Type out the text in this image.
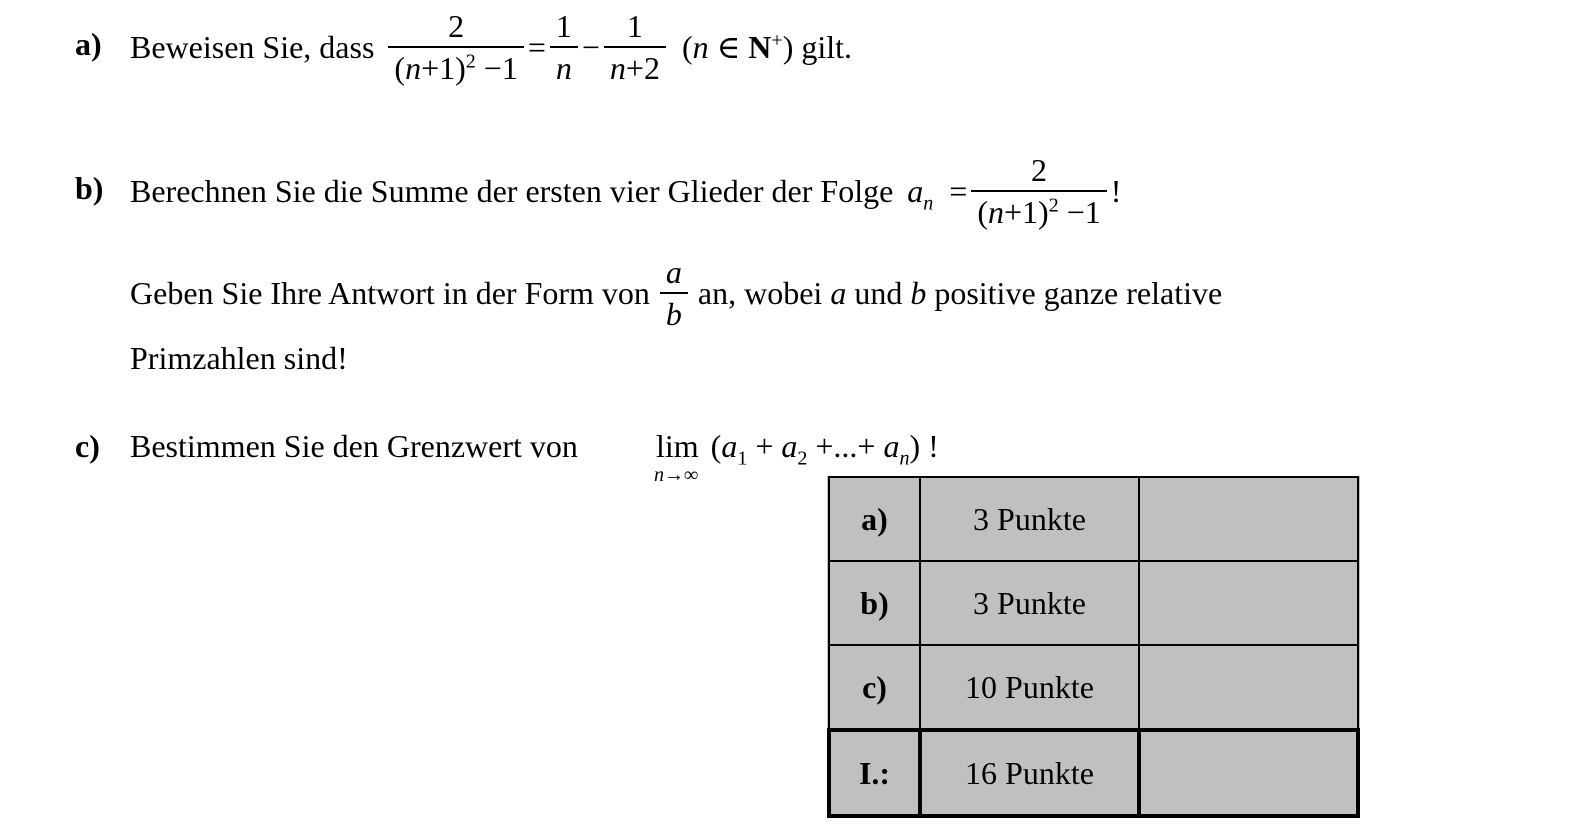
a) Beweisen Sie, dass $\frac{2}{(n+1)^2 -1} = \frac{1}{n} - \frac{1}{n+2} (n$ ∈ N+) gilt.
b) Berechnen Sie die Summe der ersten vier Glieder der Folge $a_n = \frac{2}{(n+1)^2 -1}$ !
Geben Sie Ihre Antwort in der Form von $\frac{a}{b}$ an, wobei
a
und
b
positive ganze relative
Primzahlen sind!
c) Bestimmen Sie den Grenzwert von lim
n→∞
($a_1 + a_2$ +...+ $a_n$) !
a)	3 Punkte	
b)	3 Punkte	
c)	10 Punkte	
I.:	16 Punkte	
